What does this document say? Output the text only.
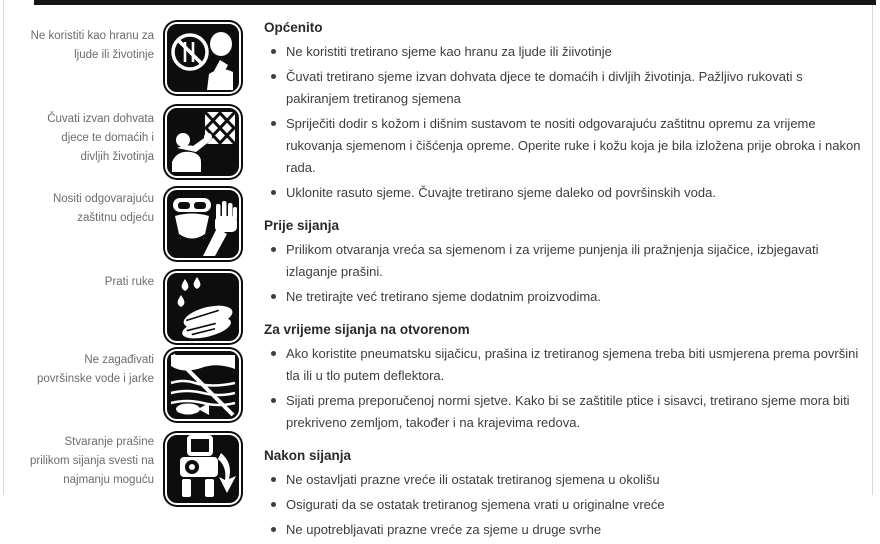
Ne koristiti kao hranu za ljude ili životinje
Čuvati izvan dohvata djece te domaćih i divljih životinja
Nositi odgovarajuću zaštitnu odjeću
Prati ruke
Ne zagađivati površinske vode i jarke
Stvaranje prašine prilikom sijanja svesti na najmanju moguću
Općenito
Ne koristiti tretirano sjeme kao hranu za ljude ili žiivotinje
Čuvati tretirano sjeme izvan dohvata djece te domaćih i divljih životinja. Pažljivo rukovati s pakiranjem tretiranog sjemena
Spriječiti dodir s kožom i dišnim sustavom te nositi odgovarajuću zaštitnu opremu za vrijeme rukovanja sjemenom i čišćenja opreme. Operite ruke i kožu koja je bila izložena prije obroka i nakon rada.
Uklonite rasuto sjeme. Čuvajte tretirano sjeme daleko od površinskih voda.
Prije sijanja
Prilikom otvaranja vreća sa sjemenom i za vrijeme punjenja ili pražnjenja sijačice, izbjegavati izlaganje prašini.
Ne tretirajte već tretirano sjeme dodatnim proizvodima.
Za vrijeme sijanja na otvorenom
Ako koristite pneumatsku sijačicu, prašina iz tretiranog sjemena treba biti usmjerena prema površini tla ili u tlo putem deflektora.
Sijati prema preporučenoj normi sjetve. Kako bi se zaštitile ptice i sisavci, tretirano sjeme mora biti prekriveno zemljom, također i na krajevima redova.
Nakon sijanja
Ne ostavljati prazne vreće ili ostatak tretiranog sjemena u okolišu
Osigurati da se ostatak tretiranog sjemena vrati u originalne vreće
Ne upotrebljavati prazne vreće za sjeme u druge svrhe
